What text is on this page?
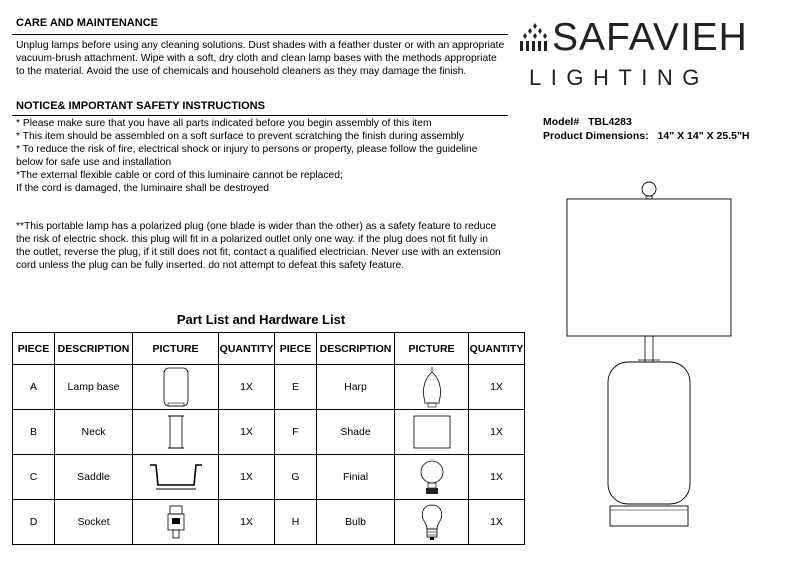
CARE AND MAINTENANCE
Unplug lamps before using any cleaning solutions. Dust shades with a feather duster or with an appropriate
vacuum-brush attachment. Wipe with a soft, dry cloth and clean lamp bases with the methods appropriate
to the material. Avoid the use of chemicals and household cleaners as they may damage the finish.
NOTICE& IMPORTANT SAFETY INSTRUCTIONS
* Please make sure that you have all parts indicated before you begin assembly of this item
* This item should be assembled on a soft surface to prevent scratching the finish during assembly
* To reduce the risk of fire, electrical shock or injury to persons or property, please follow the guideline
below for safe use and installation
*The external flexible cable or cord of this luminaire cannot be replaced;
If the cord is damaged, the luminaire shall be destroyed
**This portable lamp has a polarized plug (one blade is wider than the other) as a safety feature to reduce
the risk of electric shock. this plug will fit in a polarized outlet only one way. if the plug does not fit fully in
the outlet, reverse the plug, if it still does not fit, contact a qualified electrician. Never use with an extension
cord unless the plug can be fully inserted. do not attempt to defeat this safety feature.
Part List and Hardware List
PIECE	DESCRIPTION	PICTURE	QUANTITY	PIECE	DESCRIPTION	PICTURE	QUANTITY
A	Lamp base		1X	E	Harp		1X
B	Neck		1X	F	Shade		1X
C	Saddle		1X	G	Finial		1X
D	Socket		1X	H	Bulb		1X
SAFAVIEH
LIGHTING
Model# TBL4283
Product Dimensions: 14" X 14" X 25.5"H
